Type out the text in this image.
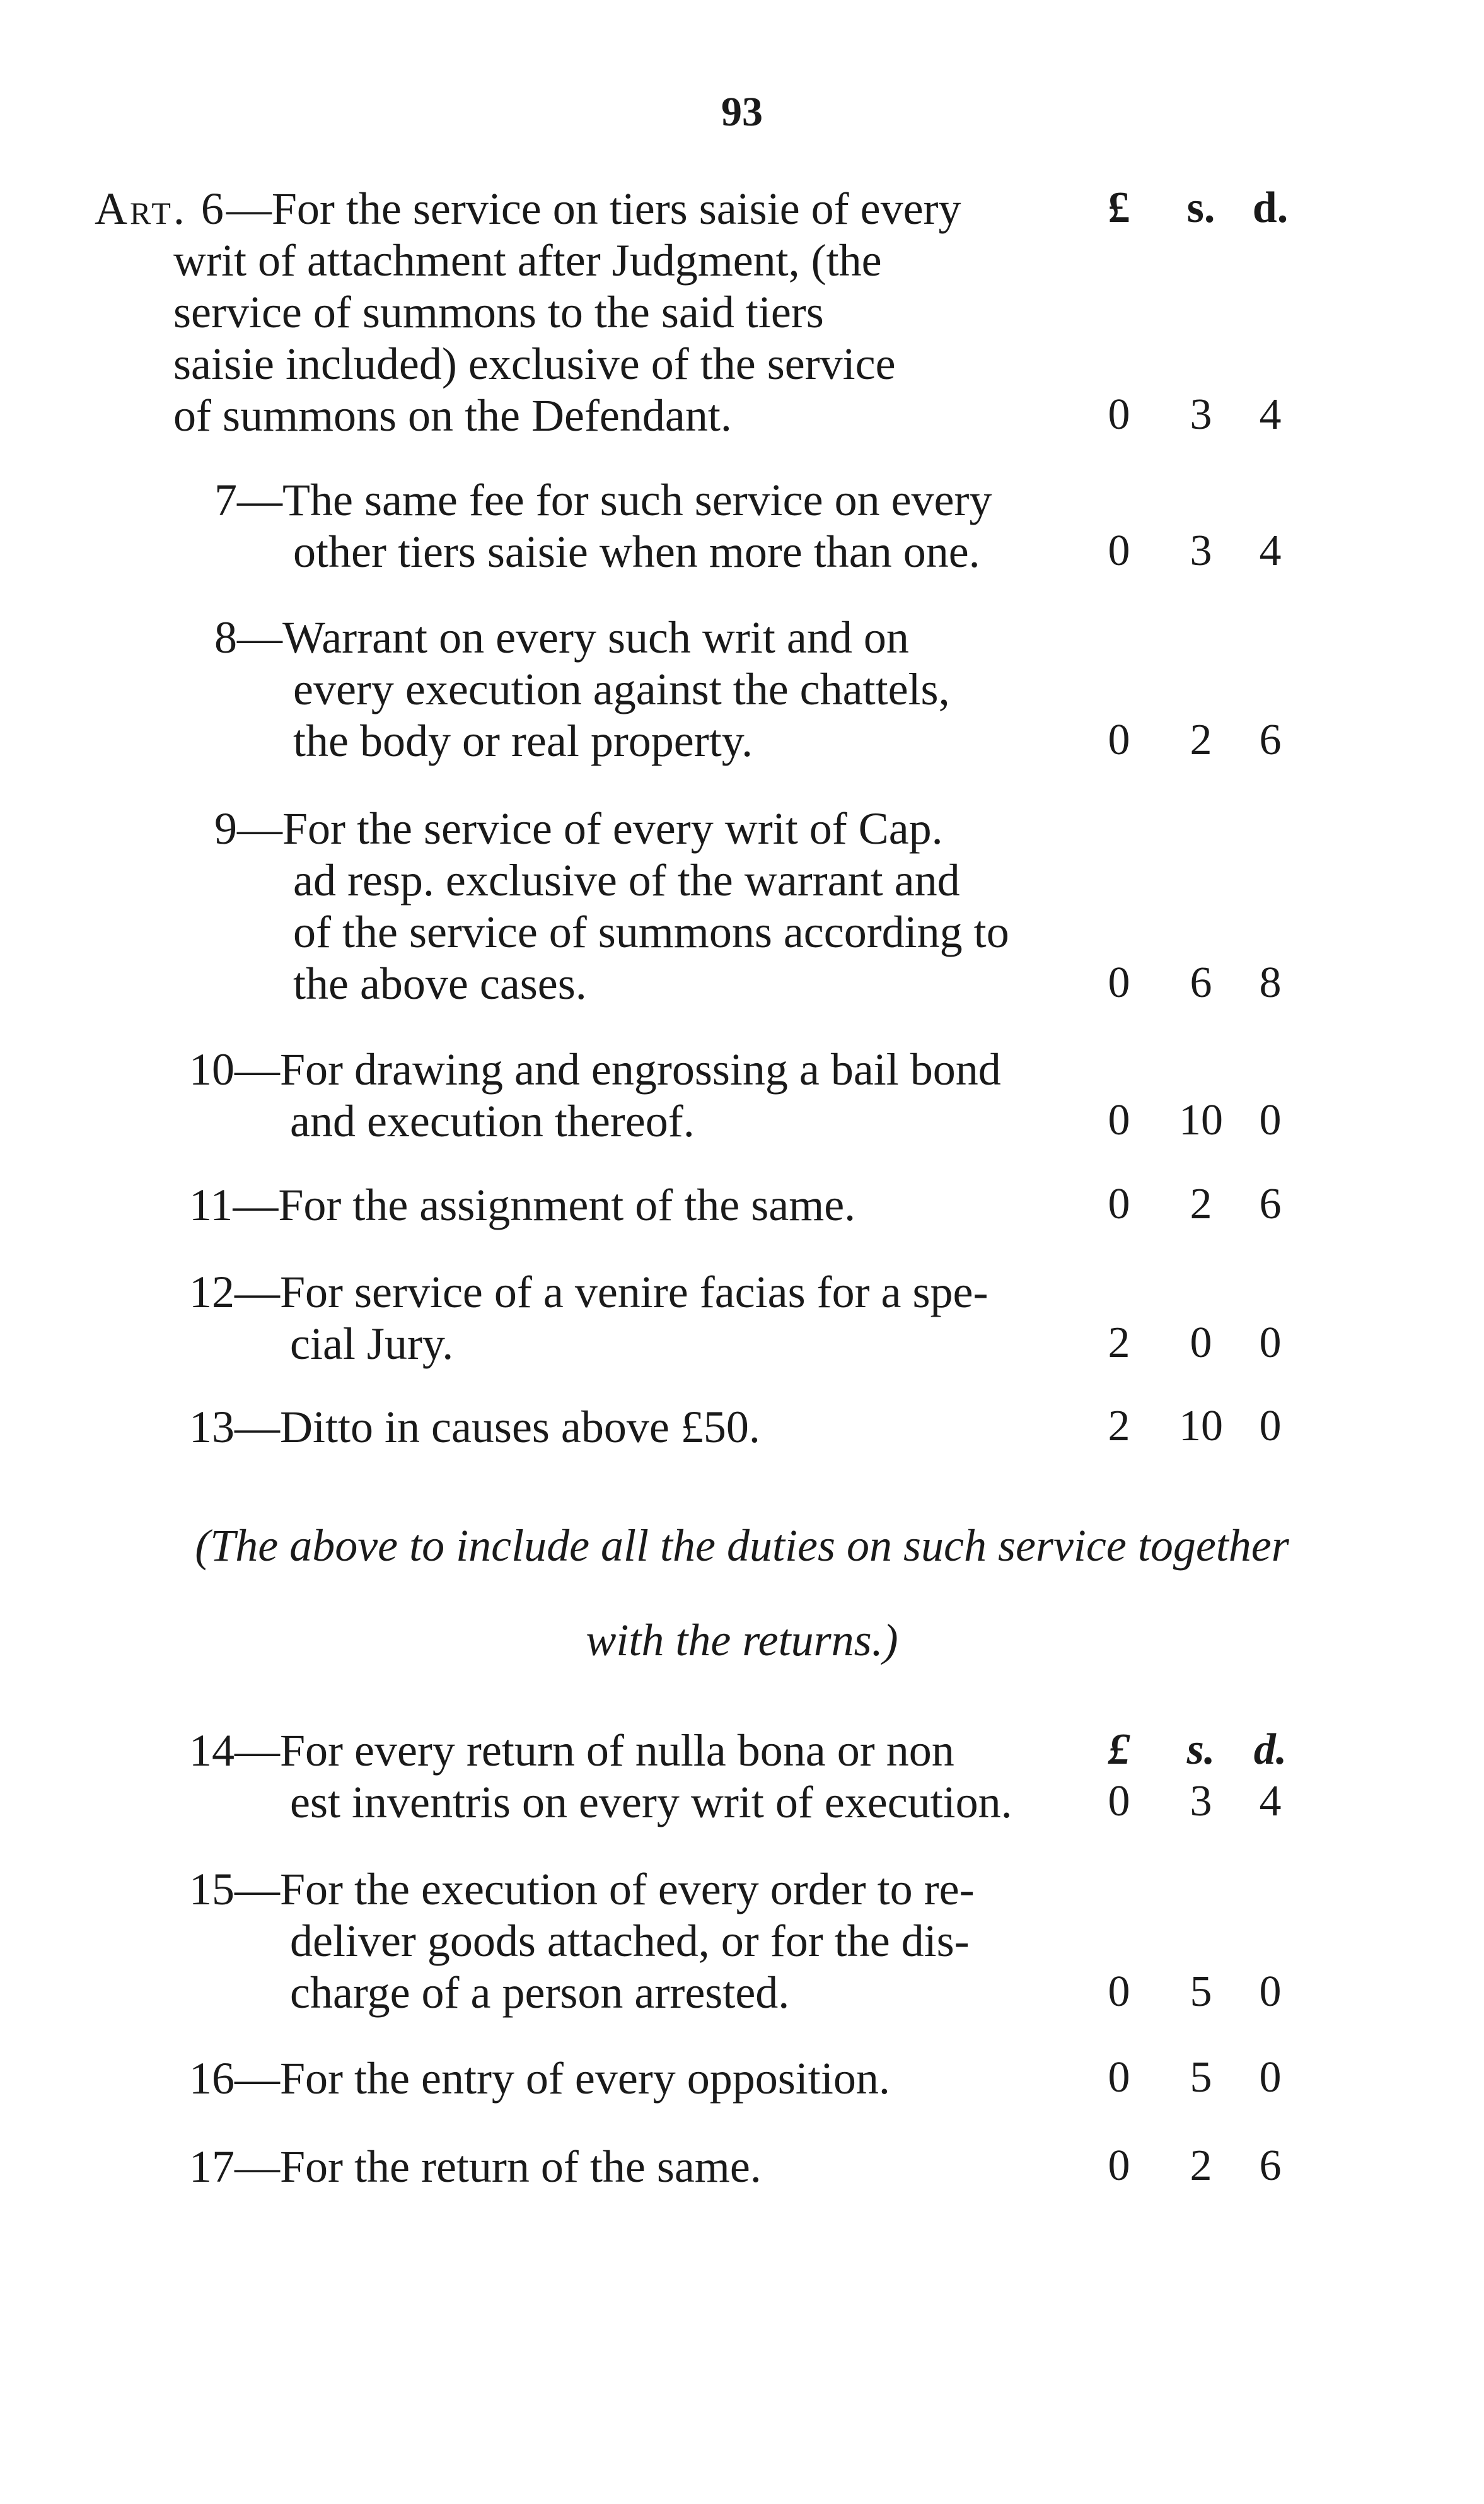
93
£	s. d.
Art. 6—For the service on tiers saisie of every
writ of attachment after Judgment, (the
service of summons to the said tiers
saisie included) exclusive of the service
of summons on the Defendant.	0	3	4
7—The same fee for such service on every
other tiers saisie when more than one.	0	3	4
8—Warrant on every such writ and on
every execution against the chattels,
the body or real property.	0	2	6
9—For the service of every writ of Cap.
ad resp. exclusive of the warrant and
of the service of summons according to
the above cases.	0	6	8
10—For drawing and engrossing a bail bond
and execution thereof.	0	10 0
11—For the assignment of the same.	0	2	6
12—For service of a venire facias for a spe-
cial Jury.	2	0	0
13—Ditto in causes above £50.	2	10 0
(The above to include all the duties on such service together
with the returns.)
£	s. d.
14—For every return of nulla bona or non
est inventris on every writ of execution.	0	3	4
15—For the execution of every order to re-
deliver goods attached, or for the dis-
charge of a person arrested.	0	5	0
16—For the entry of every opposition.	0	5	0
17—For the return of the same.	0	2	6
